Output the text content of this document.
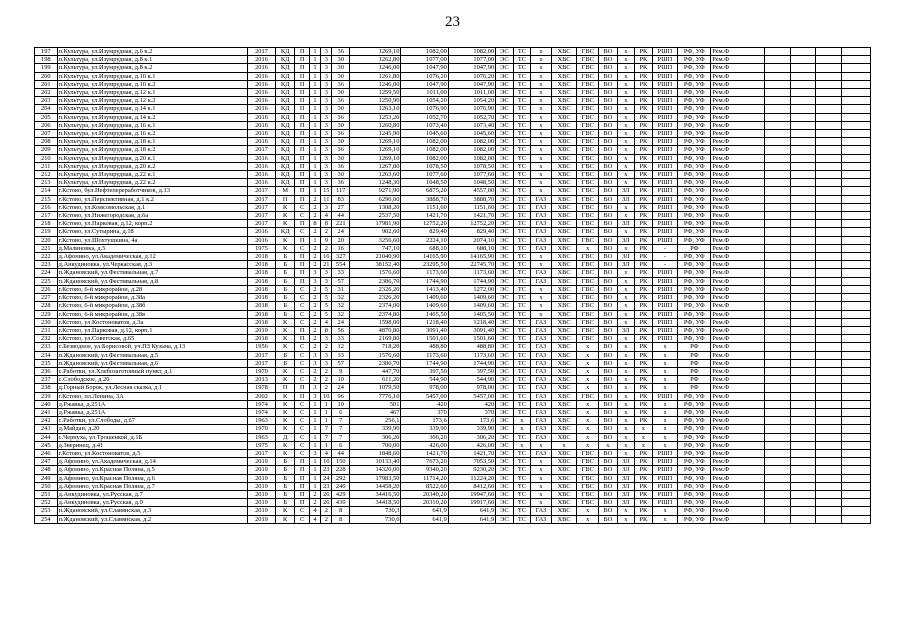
23
197	п.Культура, ул.Изумрудная, д.6 к.2	2017	КД	П	1	3	36	1269,10	1082,00	1082,00	ЭС	ТС	х	ХВС	ГВС	ВО	х	РК	РШП	РФ, УФ	Рем.Ф				
198	п.Культура, ул.Изумрудная, д.8 к.1	2016	КД	П	1	3	30	1262,80	1077,00	1077,00	ЭС	ТС	х	ХВС	ГВС	ВО	х	РК	РШП	РФ, УФ	Рем.Ф				
199	п.Культура, ул.Изумрудная, д.8 к.2	2016	КД	П	1	3	30	1246,00	1047,90	1047,90	ЭС	ТС	х	ХВС	ГВС	ВО	х	РК	РШП	РФ, УФ	Рем.Ф				
200	п.Культура, ул.Изумрудная, д.10 к.1	2016	КД	П	1	3	30	1261,80	1076,20	1076,20	ЭС	ТС	х	ХВС	ГВС	ВО	х	РК	РШП	РФ, УФ	Рем.Ф				
201	п.Культура, ул.Изумрудная, д.10 к.2	2016	КД	П	1	3	36	1246,00	1047,90	1047,90	ЭС	ТС	х	ХВС	ГВС	ВО	х	РК	РШП	РФ, УФ	Рем.Ф				
202	п.Культура, ул.Изумрудная, д.12 к.1	2016	КД	П	1	3	30	1259,50	1011,00	1011,00	ЭС	ТС	х	ХВС	ГВС	ВО	х	РК	РШП	РФ, УФ	Рем.Ф				
203	п.Культура, ул.Изумрудная, д.12 к.2	2016	КД	П	1	3	36	1250,90	1054,20	1054,20	ЭС	ТС	х	ХВС	ГВС	ВО	х	РК	РШП	РФ, УФ	Рем.Ф				
204	п.Культура, ул.Изумрудная, д.14 к.1	2016	КД	П	1	3	30	1263,10	1076,90	1076,90	ЭС	ТС	х	ХВС	ГВС	ВО	х	РК	РШП	РФ, УФ	Рем.Ф				
205	п.Культура, ул.Изумрудная, д.14 к.2	2016	КД	П	1	3	36	1253,20	1052,70	1052,70	ЭС	ТС	х	ХВС	ГВС	ВО	х	РК	РШП	РФ, УФ	Рем.Ф				
206	п.Культура, ул.Изумрудная, д.16 к.1	2016	КД	П	1	3	30	1260,80	1073,40	1073,40	ЭС	ТС	х	ХВС	ГВС	ВО	х	РК	РШП	РФ, УФ	Рем.Ф				
207	п.Культура, ул.Изумрудная, д.16 к.2	2016	КД	П	1	3	36	1245,90	1045,60	1045,60	ЭС	ТС	х	ХВС	ГВС	ВО	х	РК	РШП	РФ, УФ	Рем.Ф				
208	п.Культура, ул.Изумрудная, д.18 к.1	2016	КД	П	1	3	30	1269,10	1082,00	1082,00	ЭС	ТС	х	ХВС	ГВС	ВО	х	РК	РШП	РФ, УФ	Рем.Ф				
209	п.Культура, ул.Изумрудная, д.18 к.2	2017	КД	П	1	3	36	1269,10	1082,00	1082,00	ЭС	ТС	х	ХВС	ГВС	ВО	х	РК	РШП	РФ, УФ	Рем.Ф				
210	п.Культура, ул.Изумрудная, д.20 к.1	2016	КД	П	1	3	30	1269,10	1082,00	1082,00	ЭС	ТС	х	ХВС	ГВС	ВО	х	РК	РШП	РФ, УФ	Рем.Ф				
211	п.Культура, ул.Изумрудная, д.20 к.2	2016	КД	П	1	3	36	1267,80	1078,50	1078,50	ЭС	ТС	х	ХВС	ГВС	ВО	х	РК	РШП	РФ, УФ	Рем.Ф				
212	п.Культура, ул.Изумрудная, д.22 к.1	2016	КД	П	1	3	30	1263,60	1077,60	1077,60	ЭС	ТС	х	ХВС	ГВС	ВО	х	РК	РШП	РФ, УФ	Рем.Ф				
213	п.Культура, ул.Изумрудная, д.22 к.2	2016	КД	П	1	3	36	1248,30	1048,50	1048,50	ЭС	ТС	х	ХВС	ГВС	ВО	х	РК	РШП	РФ, УФ	Рем.Ф				
214	г.Кстово, бул.Нефтепереработчиков, д.13	2017	М	П	1	15	117	9271,90	6875,20	4557,00	ЭС	ТС	х	ХВС	ГВС	ВО	ЗЛ	РК	РШП	РФ, УФ	Рем.Ф				
215	г.Кстово, ул.Перспективная, д.1 к.2	2017	П	П	2	11	83	6290,00	3888,70	3888,70	ЭС	ТС	ГАЗ	ХВС	ГВС	ВО	ЗЛ	РК	РШП	РФ, УФ	Рем.Ф				
216	г.Кстово, ул.Комсомольская, д.1	2017	К	С	2	3	27	1308,20	1151,60	1151,60	ЭС	ТС	ГАЗ	ХВС	ГВС	ВО	х	РК	РШП	РФ, УФ	Рем.Ф				
217	г.Кстово, ул.Нижегородская, д.6а	2017	К	С	2	4	44	2537,50	1421,70	1421,70	ЭС	ТС	ГАЗ	ХВС	ГВС	ВО	х	РК	РШП	РФ, УФ	Рем.Ф				
218	г.Кстово, ул.Парковая, д.12, корп.2	2017	К	П	8	8	221	17981,90	12752,20	12752,20	ЭС	ТС	ГАЗ	ХВС	ГВС	ВО	ЗЛ	РК	РШП	РФ, УФ	Рем.Ф				
219	г.Кстово, ул.Сутырина, д.18	2016	КД	С	2	2	24	902,60	829,40	829,40	ЭС	ТС	ГАЗ	ХВС	ГВС	ВО	х	РК	РШП	РФ, УФ	Рем.Ф				
220	г.Кстово, ул.Шохтушкина, 4а	2016	К	П	1	9	20	3256,60	2224,10	2074,10	ЭС	ТС	ГАЗ	ХВС	ГВС	ВО	ЗЛ	РК	РШП	РФ, УФ	Рем.Ф				
221	д.Малиновка, д.5	1975	К	С	2	2	16	747,10	688,10	688,10	ЭС	ТС	ГАЗ	ХВС	х	ВО	х	РК	-	РФ	Рем.Ф				
222	д.Афонино, ул.Академическая, д.12	2018	Б	П	2	16	327	21040,90	14165,90	14165,90	ЭС	ТС	х	ХВС	ГВС	ВО	ЗЛ	РК	-	РФ, УФ	Рем.Ф				
223	д.Анкудиновка, ул.Черкасская, д.3	2018	Б	П	2	21	554	38152,40	23295,50	22745,70	ЭС	ТС	х	ХВС	ГВС	ВО	ЗЛ	РК	-	РФ, УФ	Рем.Ф				
224	п.Ждановский, ул.Фестивальная, д.7	2018	Б	П	3	3	33	1576,60	1173,60	1173,60	ЭС	ТС	ГАЗ	ХВС	ГВС	ВО	х	РК	РШП	РФ, УФ	Рем.Ф				
225	п.Ждановский, ул.Фестивальная, д.8	2018	Б	П	3	3	57	2386,70	1744,90	1744,90	ЭС	ТС	ГАЗ	ХВС	ГВС	ВО	х	РК	РШП	РФ, УФ	Рем.Ф				
226	г.Кстово, 6-й микрорайон, д.28	2018	Б	С	2	5	31	2326,20	1413,40	1272,00	ЭС	ТС	х	ХВС	ГВС	ВО	х	РК	РШП	РФ, УФ	Рем.Ф				
227	г.Кстово, 6-й микрорайон, д.38а	2018	Б	С	2	5	32	2326,20	1409,60	1409,60	ЭС	ТС	х	ХВС	ГВС	ВО	х	РК	РШП	РФ, УФ	Рем.Ф				
228	г.Кстово, 6-й микрорайон, д.38б	2018	Б	С	2	5	32	2374,00	1409,60	1409,60	ЭС	ТС	х	ХВС	ГВС	ВО	х	РК	РШП	РФ, УФ	Рем.Ф				
229	г.Кстово, 6-й микрорайон, д.38в	2018	Б	С	2	5	32	2374,80	1405,50	1405,50	ЭС	ТС	х	ХВС	ГВС	ВО	х	РК	РШП	РФ, УФ	Рем.Ф				
230	г.Кстово, ул.Костоноватов, д.3а	2018	К	С	2	4	24	1598,00	1218,40	1218,40	ЭС	ТС	ГАЗ	ХВС	ГВС	ВО	х	РК	РШП	РФ, УФ	Рем.Ф				
231	г.Кстово, ул.Парковая, д.12, корп.1	2019	К	П	2	8	56	4870,80	3091,40	3091,40	ЭС	ТС	ГАЗ	ХВС	ГВС	ВО	ЗЛ	РК	РШП	РФ, УФ	Рем.Ф				
232	г.Кстово, ул.Советская, д.65	2018	К	П	2	3	33	2169,80	1501,60	1501,60	ЭС	ТС	ГАЗ	ХВС	ГВС	ВО	х	РК	РШП	РФ, УФ	Рем.Ф				
233	с.Безводное, ул.Борисовой, уч.ПЗ Кузьма, д.13	1956	К	С	2	2	12	718,20	488,80	488,80	ЭС	ТС	ГАЗ	ХВС	х	ВО	х	РК	х	РФ	Рем.Ф				
234	п.Ждановский, ул.Фестивальная, д.5	2017	Б	С	3	3	33	1576,60	1173,60	1173,60	ЭС	ТС	ГАЗ	ХВС	х	ВО	х	РК	х	РФ	Рем.Ф				
235	п.Ждановский, ул.Фестивальная, д.6	2017	Б	С	3	3	57	2386,70	1744,90	1744,90	ЭС	ТС	ГАЗ	ХВС	х	ВО	х	РК	х	РФ	Рем.Ф				
236	с.Работки, ул.Хлебозаготовный пункт, д.1	1970	К	С	2	2	9	447,70	397,50	397,50	ЭС	ТС	ГАЗ	ХВС	х	ВО	х	РК	х	РФ	Рем.Ф				
237	с.Слободское, д.20	2013	К	С	2	2	10	611,20	544,90	544,90	ЭС	ТС	ГАЗ	ХВС	х	ВО	х	РК	х	РФ	Рем.Ф				
238	д.Горный Борок, ул.Лесная сказка, д.1	1978	П	П	3	2	24	1079,50	978,00	978,00	ЭС	ТС	ГАЗ	ХВС	х	ВО	х	РК	х	РФ	Рем.Ф				
239	г.Кстово, пл.Ленина, 3А	2002	К	П	3	10	96	7776,10	5457,00	5457,00	ЭС	ТС	ГАЗ	ХВС	ГВС	ВО	х	РК	РШП	РФ, УФ	Рем.Ф				
240	д.Ржавка, д.251А	1974	К	С	1	1	10	501	420	420	ЭС	ТС	ГАЗ	ХВС	х	ВО	х	РК	х	РФ, УФ	Рем.Ф				
241	д.Ржавка, д.251А	1974	К	С	1	1	6	467	370	370	ЭС	ТС	ГАЗ	ХВС	х	ВО	х	РК	х	РФ, УФ	Рем.Ф				
242	с.Работки, ул.Слободы, д.67	1963	К	С	1	1	7	256,1	173,6	173,6	ЭС	х	ГАЗ	ХВС	х	ВО	х	РК	х	РФ, УФ	Рем.Ф				
243	д.Майдан, д.20	1970	К	С	1	7	7	339,90	339,90	339,90	ЭС	х	ГАЗ	ХВС	х	ВО	х	х	х	РФ, УФ	Рем.Ф				
244	с.Чернуха, ул.Трошенкой, д.1Б	1963	Д	С	1	7	7	306,20	306,20	306,20	ЭС	ТС	ГАЗ	ХВС	х	ВО	х	х	х	РФ, УФ	Рем.Ф				
245	д.Зверинец, д.41	1975	К	С	1	1	6	700,00	426,00	426,00	ЭС	х	х	х	х	х	х	х	х	РФ, УФ	Рем.Ф				
246	г.Кстово, ул.Костоноватов, д.5	2017	К	С	3	4	44	1848,60	1421,70	1421,70	ЭС	ТС	ГАЗ	ХВС	ГВС	ВО	х	РК	РШП	РФ, УФ	Рем.Ф				
247	д.Афонино, ул.Академическая, д.14	2019	Б	П	1	16	150	10133,40	7673,20	7053,50	ЭС	ТС	х	ХВС	ГВС	ВО	ЗЛ	РК	РШП	РФ, УФ	Рем.Ф				
248	д.Афонино, ул.Красная Поляна, д.5	2019	Б	П	1	23	228	14320,00	9340,20	9230,20	ЭС	ТС	х	ХВС	ГВС	ВО	ЗЛ	РК	РШП	РФ, УФ	Рем.Ф				
249	д.Афонино, ул.Красная Поляна, д.6	2019	Б	П	1	24	292	17983,50	11714,20	11224,20	ЭС	ТС	х	ХВС	ГВС	ВО	ЗЛ	РК	РШП	РФ, УФ	Рем.Ф				
250	д.Афонино, ул.Красная Поляна, д.7	2019	Б	П	1	23	240	14458,20	8522,60	8412,60	ЭС	ТС	х	ХВС	ГВС	ВО	ЗЛ	РК	РШП	РФ, УФ	Рем.Ф				
251	д.Анкудиновка, ул.Русская, д.7	2019	Б	П	2	26	429	34416,50	20340,20	19947,60	ЭС	ТС	х	ХВС	ГВС	ВО	ЗЛ	РК	РШП	РФ, УФ	Рем.Ф				
252	д.Анкудиновка, ул.Русская, д.9	2019	Б	П	2	26	430	34418,50	20310,20	19917,60	ЭС	ТС	х	ХВС	ГВС	ВО	ЗЛ	РК	РШП	РФ, УФ	Рем.Ф				
253	п.Ждановский, ул.Славянская, д.3	2019	К	С	4	2	8	730,3	641,9	641,9	ЭС	ТС	ГАЗ	ХВС	х	ВО	х	РК	х	РФ, УФ	Рем.Ф				
254	п.Ждановский, ул.Славянская, д.2	2019	К	С	4	2	8	730,6	641,9	641,9	ЭС	ТС	ГАЗ	ХВС	х	ВО	х	РК	х	РФ, УФ	Рем.Ф				
